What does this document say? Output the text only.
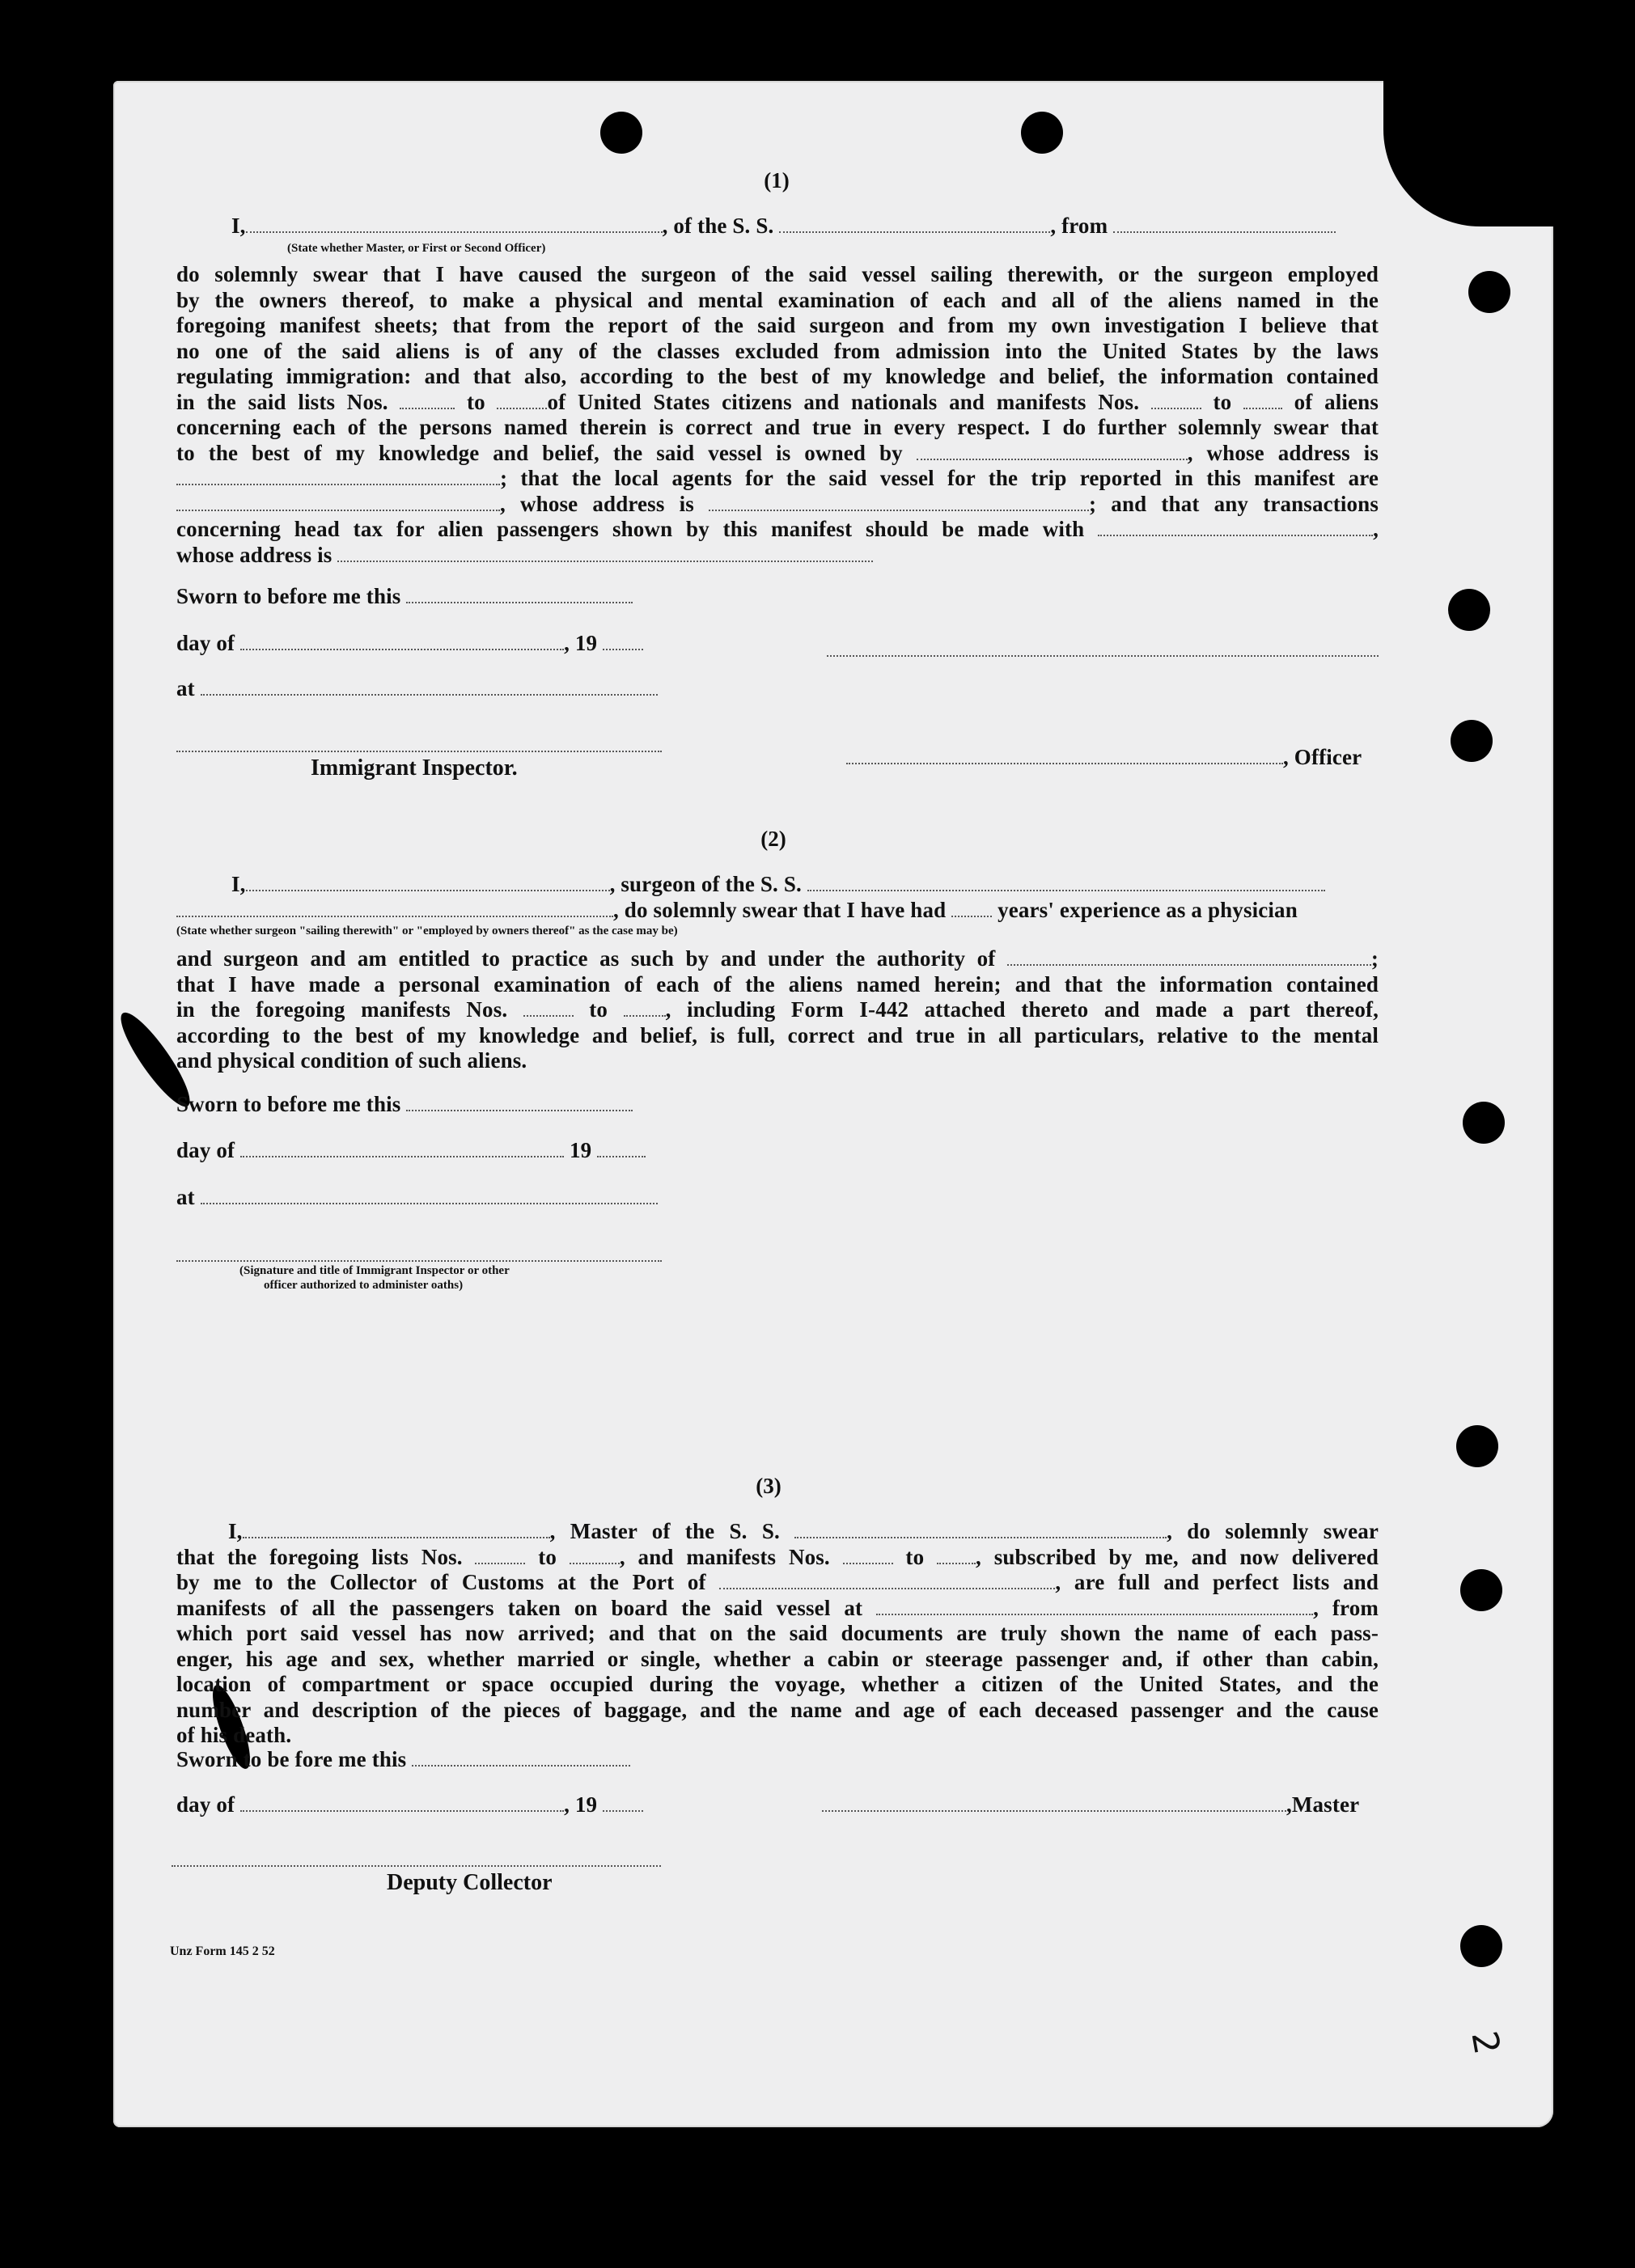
(1)
I,	, of the S. S.	, from
(State whether Master, or First or Second Officer)
do solemnly swear that I have caused the surgeon of the said vessel sailing therewith, or the surgeon employed
by the owners thereof, to make a physical and mental examination of each and all of the aliens named in the
foregoing manifest sheets; that from the report of the said surgeon and from my own investigation I believe that
no one of the said aliens is of any of the classes excluded from admission into the United States by the laws
regulating immigration: and that also, according to the best of my knowledge and belief, the information contained
in the said lists Nos.	to	of United States citizens and nationals and manifests Nos.	to	of aliens
concerning each of the persons named therein is correct and true in every respect. I do further solemnly swear that
to the best of my knowledge and belief, the said vessel is owned by	, whose address is
; that the local agents for the said vessel for the trip reported in this manifest are
, whose address is	; and that any transactions
concerning head tax for alien passengers shown by this manifest should be made with	,
whose address is
Sworn to before me this
day of	, 19
at
Immigrant Inspector.	, Officer
(2)
I,	, surgeon of the S. S.
, do solemnly swear that I have had years' experience as a physician
(State whether surgeon "sailing therewith" or "employed by owners thereof" as the case may be)
and surgeon and am entitled to practice as such by and under the authority of	;
that I have made a personal examination of each of the aliens named herein; and that the information contained
in the foregoing manifests Nos.	to	, including Form I-442 attached thereto and made a part thereof,
according to the best of my knowledge and belief, is full, correct and true in all particulars, relative to the mental
and physical condition of such aliens.
Sworn to before me this
day of	19
at
(Signature and title of Immigrant Inspector or other
officer authorized to administer oaths)
(3)
I,	, Master of the S. S.	, do solemnly swear
that the foregoing lists Nos.	to	, and manifests Nos.	to , subscribed by me, and now delivered
by me to the Collector of Customs at the Port of	, are full and perfect lists and
manifests of all the passengers taken on board the said vessel at	, from
which port said vessel has now arrived; and that on the said documents are truly shown the name of each pass-
enger, his age and sex, whether married or single, whether a cabin or steerage passenger and, if other than cabin,
location of compartment or space occupied during the voyage, whether a citizen of the United States, and the
number and description of the pieces of baggage, and the name and age of each deceased passenger and the cause
of his death.
Sworn to be fore me this
day of	, 19	,Master
Deputy Collector
Unz Form 145 2 52
2
